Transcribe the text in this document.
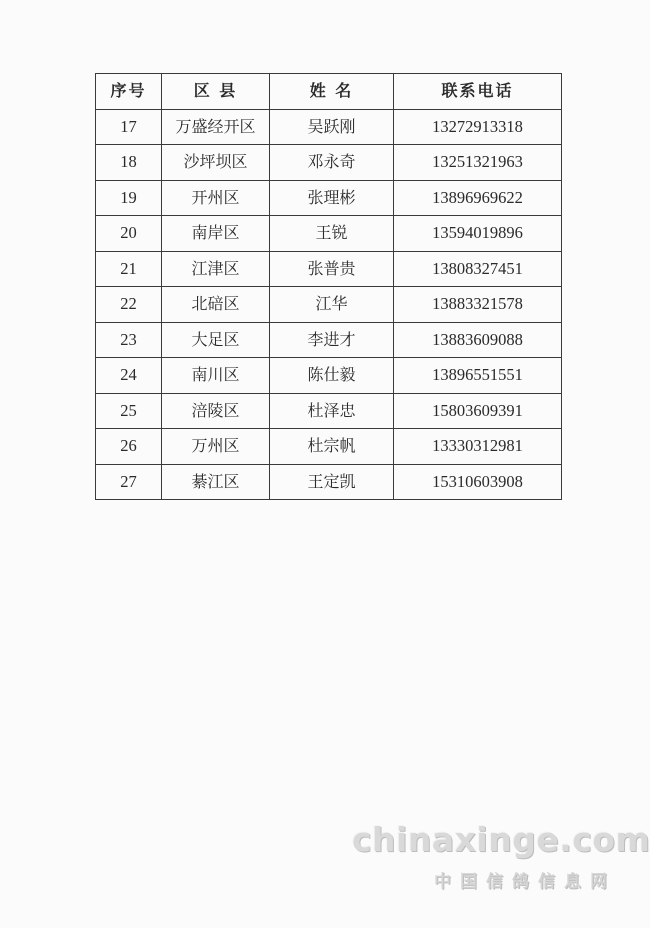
序号	区 县	姓 名	联系电话
17	万盛经开区	吴跃刚	13272913318
18	沙坪坝区	邓永奇	13251321963
19	开州区	张理彬	13896969622
20	南岸区	王锐	13594019896
21	江津区	张普贵	13808327451
22	北碚区	江华	13883321578
23	大足区	李进才	13883609088
24	南川区	陈仕毅	13896551551
25	涪陵区	杜泽忠	15803609391
26	万州区	杜宗帆	13330312981
27	綦江区	王定凯	15310603908
chinaxinge.com
中国信鸽信息网
